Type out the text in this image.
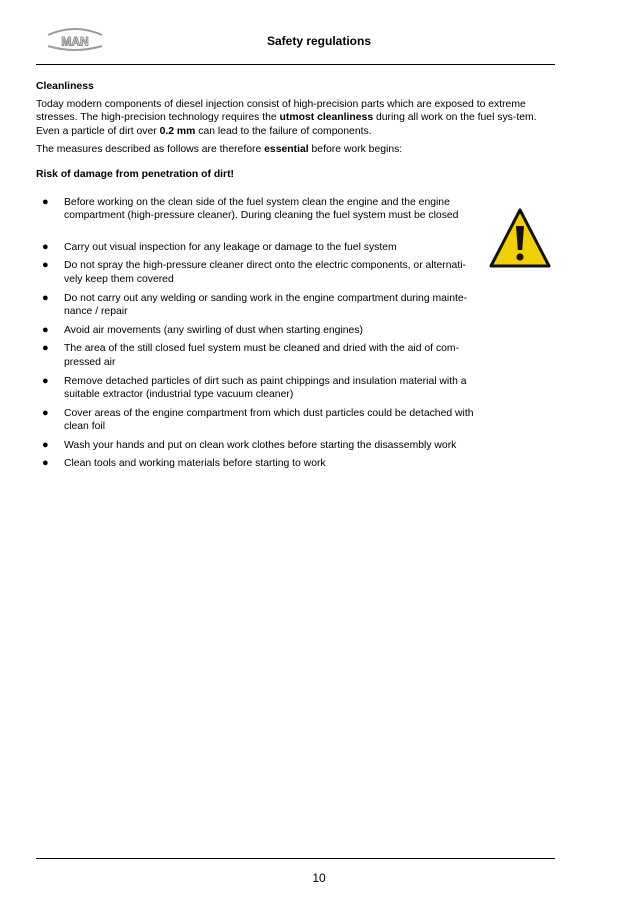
MAN	Safety regulations

Cleanliness

Today modern components of diesel injection consist of high-precision parts which are exposed to extreme stresses. The high-precision technology requires the utmost cleanliness during all work on the fuel sys-tem.

Even a particle of dirt over 0.2 mm can lead to the failure of components.

The measures described as follows are therefore essential before work begins:

Risk of damage from penetration of dirt!

● Before working on the clean side of the fuel system clean the engine and the engine compartment (high-pressure cleaner). During cleaning the fuel system must be closed
● Carry out visual inspection for any leakage or damage to the fuel system
● Do not spray the high-pressure cleaner direct onto the electric components, or alternati-vely keep them covered
● Do not carry out any welding or sanding work in the engine compartment during mainte-nance / repair
● Avoid air movements (any swirling of dust when starting engines)
● The area of the still closed fuel system must be cleaned and dried with the aid of com-pressed air
● Remove detached particles of dirt such as paint chippings and insulation material with a suitable extractor (industrial type vacuum cleaner)
● Cover areas of the engine compartment from which dust particles could be detached with clean foil
● Wash your hands and put on clean work clothes before starting the disassembly work
● Clean tools and working materials before starting to work
10
